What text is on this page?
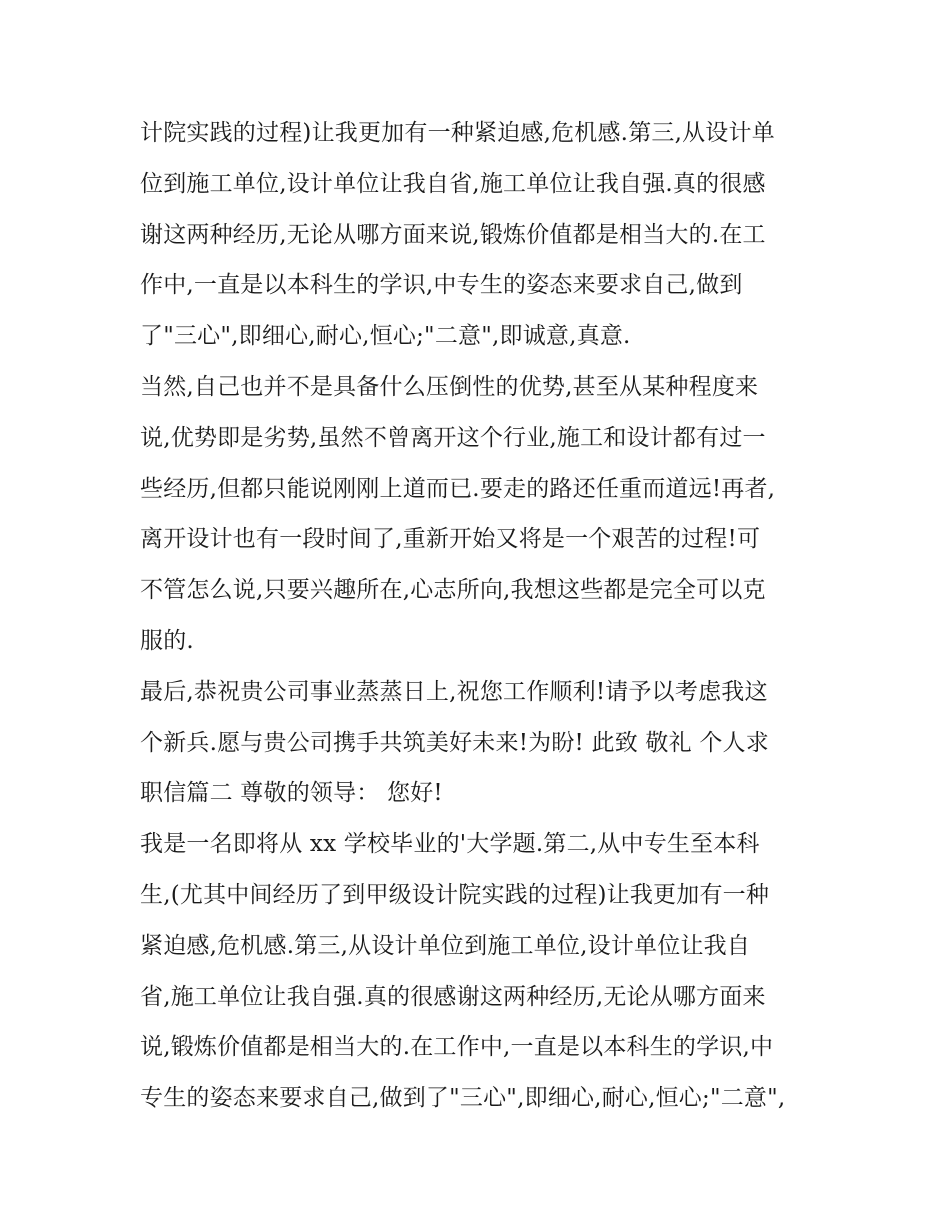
计院实践的过程)让我更加有一种紧迫感,危机感.第三,从设计单
位到施工单位,设计单位让我自省,施工单位让我自强.真的很感
谢这两种经历,无论从哪方面来说,锻炼价值都是相当大的.在工
作中,一直是以本科生的学识,中专生的姿态来要求自己,做到
了"三心",即细心,耐心,恒心;"二意",即诚意,真意.
当然,自己也并不是具备什么压倒性的优势,甚至从某种程度来
说,优势即是劣势,虽然不曾离开这个行业,施工和设计都有过一
些经历,但都只能说刚刚上道而已.要走的路还任重而道远!再者,
离开设计也有一段时间了,重新开始又将是一个艰苦的过程!可
不管怎么说,只要兴趣所在,心志所向,我想这些都是完全可以克
服的.
最后,恭祝贵公司事业蒸蒸日上,祝您工作顺利!请予以考虑我这
个新兵.愿与贵公司携手共筑美好未来!为盼! 此致 敬礼 个人求
职信篇二 尊敬的领导： 您好!
我是一名即将从 xx 学校毕业的'大学题.第二,从中专生至本科
生,(尤其中间经历了到甲级设计院实践的过程)让我更加有一种
紧迫感,危机感.第三,从设计单位到施工单位,设计单位让我自
省,施工单位让我自强.真的很感谢这两种经历,无论从哪方面来
说,锻炼价值都是相当大的.在工作中,一直是以本科生的学识,中
专生的姿态来要求自己,做到了"三心",即细心,耐心,恒心;"二意",
